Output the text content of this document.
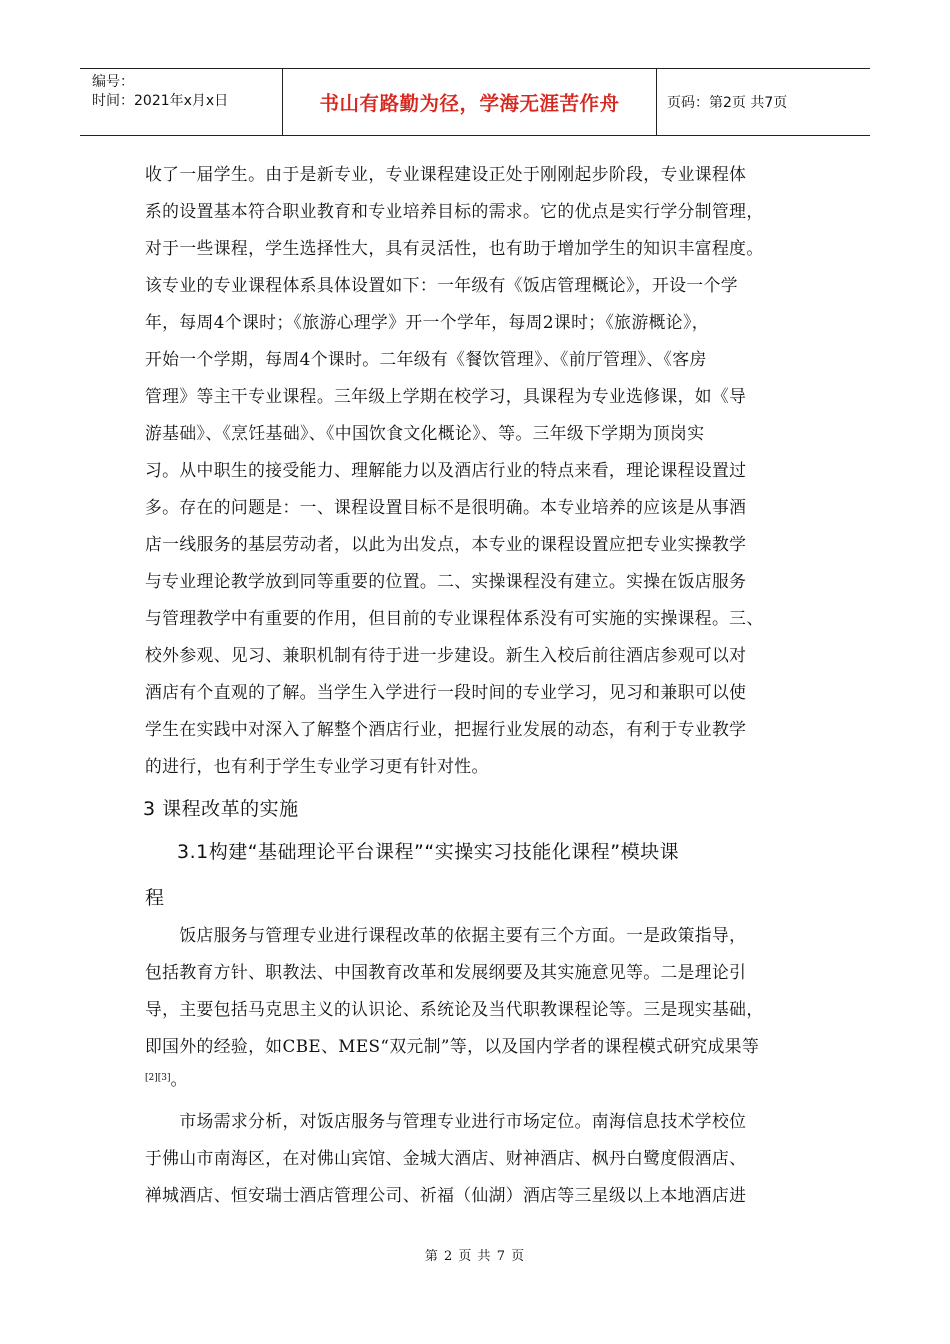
编号：
时间：2021年x月x日	书山有路勤为径，学海无涯苦作舟	页码：第2页 共7页
收了一届学生。由于是新专业，专业课程建设正处于刚刚起步阶段，专业课程体
系的设置基本符合职业教育和专业培养目标的需求。它的优点是实行学分制管理，
对于一些课程，学生选择性大，具有灵活性，也有助于增加学生的知识丰富程度。
该专业的专业课程体系具体设置如下：一年级有《饭店管理概论》，开设一个学
年，每周4个课时；《旅游心理学》开一个学年，每周2课时；《旅游概论》，
开始一个学期，每周4个课时。二年级有《餐饮管理》、《前厅管理》、《客房
管理》等主干专业课程。三年级上学期在校学习，具课程为专业选修课，如《导
游基础》、《烹饪基础》、《中国饮食文化概论》、等。三年级下学期为顶岗实
习。从中职生的接受能力、理解能力以及酒店行业的特点来看，理论课程设置过
多。存在的问题是：一、课程设置目标不是很明确。本专业培养的应该是从事酒
店一线服务的基层劳动者，以此为出发点，本专业的课程设置应把专业实操教学
与专业理论教学放到同等重要的位置。二、实操课程没有建立。实操在饭店服务
与管理教学中有重要的作用，但目前的专业课程体系没有可实施的实操课程。三、
校外参观、见习、兼职机制有待于进一步建设。新生入校后前往酒店参观可以对
酒店有个直观的了解。当学生入学进行一段时间的专业学习，见习和兼职可以使
学生在实践中对深入了解整个酒店行业，把握行业发展的动态，有利于专业教学
的进行，也有利于学生专业学习更有针对性。
3 课程改革的实施
3.1构建“基础理论平台课程”“实操实习技能化课程”模块课
程
　　饭店服务与管理专业进行课程改革的依据主要有三个方面。一是政策指导，
包括教育方针、职教法、中国教育改革和发展纲要及其实施意见等。二是理论引
导，主要包括马克思主义的认识论、系统论及当代职教课程论等。三是现实基础，
即国外的经验，如CBE、MES“双元制”等，以及国内学者的课程模式研究成果等
[2][3]。
　　市场需求分析，对饭店服务与管理专业进行市场定位。南海信息技术学校位
于佛山市南海区，在对佛山宾馆、金城大酒店、财神酒店、枫丹白鹭度假酒店、
禅城酒店、恒安瑞士酒店管理公司、祈福（仙湖）酒店等三星级以上本地酒店进
第 2 页 共 7 页
